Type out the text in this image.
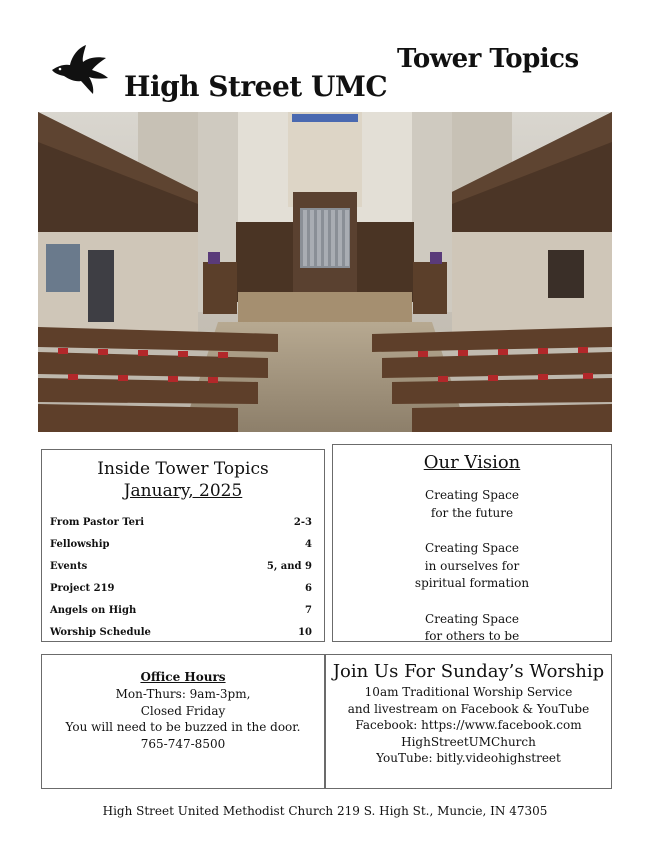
High Street UMC
Tower Topics
Inside Tower Topics
January, 2025
From Pastor Teri	2-3
Fellowship	4
Events	5, and 9
Project 219	6
Angels on High	7
Worship Schedule	10
Our Vision
Creating Space
for the future
Creating Space
in ourselves for
spiritual formation
Creating Space
for others to be
Office Hours
Mon-Thurs: 9am-3pm,
Closed Friday
You will need to be buzzed in the door.
765-747-8500
Join Us For Sunday’s Worship
10am Traditional Worship Service
and livestream on Facebook & YouTube
Facebook: https://www.facebook.com
HighStreetUMChurch
YouTube: bitly.videohighstreet
High Street United Methodist Church 219 S. High St., Muncie, IN 47305
